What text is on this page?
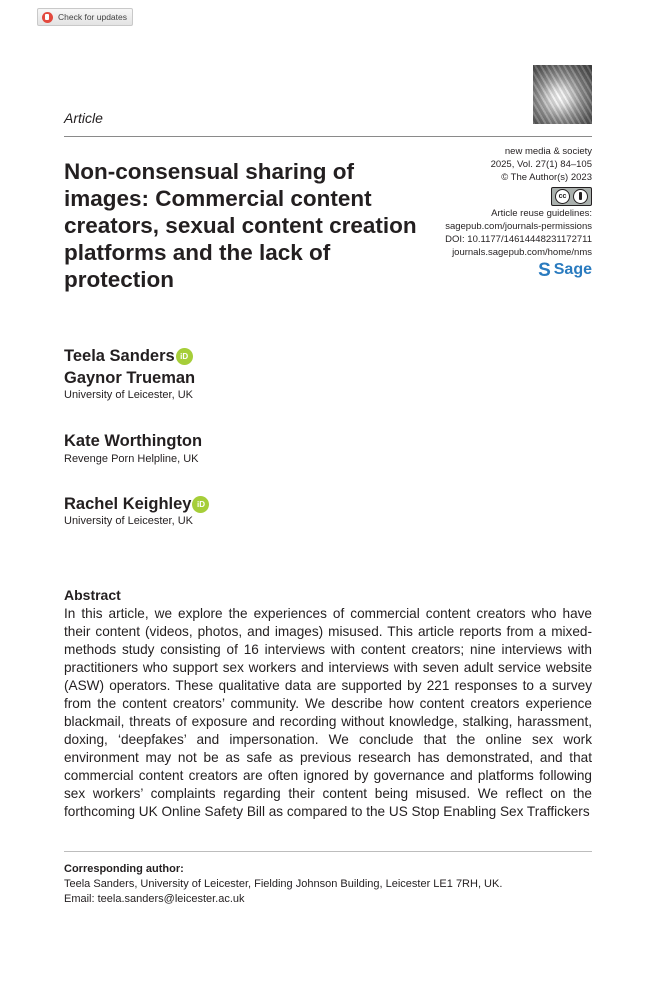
Check for updates
Article
Non-consensual sharing of images: Commercial content creators, sexual content creation platforms and the lack of protection
new media & society
2025, Vol. 27(1) 84–105
© The Author(s) 2023
cc
Article reuse guidelines:
sagepub.com/journals-permissions
DOI: 10.1177/14614448231172711
journals.sagepub.com/home/nms
S Sage
Teela Sanders iD
Gaynor Trueman
University of Leicester, UK
Kate Worthington
Revenge Porn Helpline, UK
Rachel Keighley iD
University of Leicester, UK
Abstract

In this article, we explore the experiences of commercial content creators who have their content (videos, photos, and images) misused. This article reports from a mixed-methods study consisting of 16 interviews with content creators; nine interviews with practitioners who support sex workers and interviews with seven adult service website (ASW) operators. These qualitative data are supported by 221 responses to a survey from the content creators’ community. We describe how content creators experience blackmail, threats of exposure and recording without knowledge, stalking, harassment, doxing, ‘deepfakes’ and impersonation. We conclude that the online sex work environment may not be as safe as previous research has demonstrated, and that commercial content creators are often ignored by governance and platforms following sex workers’ complaints regarding their content being misused. We reflect on the forthcoming UK Online Safety Bill as compared to the US Stop Enabling Sex Traffickers

Corresponding author:
Teela Sanders, University of Leicester, Fielding Johnson Building, Leicester LE1 7RH, UK.
Email: teela.sanders@leicester.ac.uk
